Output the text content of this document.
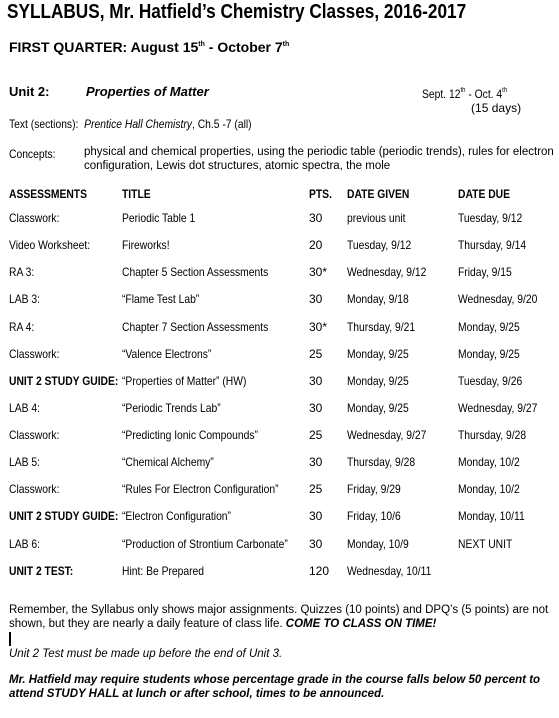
SYLLABUS, Mr. Hatfield’s Chemistry Classes, 2016-2017
FIRST QUARTER: August 15th - October 7th
Unit 2:	Properties of Matter	Sept. 12th - Oct. 4th
(15 days)
Text (sections): Prentice Hall Chemistry, Ch.5 -7 (all)
Concepts:	physical and chemical properties, using the periodic table (periodic trends), rules for electron configuration, Lewis dot structures, atomic spectra, the mole
ASSESSMENTS	TITLE	PTS.	DATE GIVEN	DATE DUE
Classwork:	Periodic Table 1	30 previous unit	Tuesday, 9/12
Video Worksheet:	Fireworks!	20 Tuesday, 9/12	Thursday, 9/14
RA 3:	Chapter 5 Section Assessments	30* Wednesday, 9/12	Friday, 9/15
LAB 3:	“Flame Test Lab”	30 Monday, 9/18	Wednesday, 9/20
RA 4:	Chapter 7 Section Assessments	30* Thursday, 9/21	Monday, 9/25
Classwork:	“Valence Electrons”	25 Monday, 9/25	Monday, 9/25
UNIT 2 STUDY GUIDE: “Properties of Matter” (HW)	30 Monday, 9/25	Tuesday, 9/26
LAB 4:	“Periodic Trends Lab”	30 Monday, 9/25	Wednesday, 9/27
Classwork:	“Predicting Ionic Compounds”	25 Wednesday, 9/27	Thursday, 9/28
LAB 5:	“Chemical Alchemy”	30 Thursday, 9/28	Monday, 10/2
Classwork:	“Rules For Electron Configuration”	25 Friday, 9/29	Monday, 10/2
UNIT 2 STUDY GUIDE: “Electron Configuration”	30 Friday, 10/6	Monday, 10/11
LAB 6:	“Production of Strontium Carbonate” 30 Monday, 10/9	NEXT UNIT
UNIT 2 TEST:	Hint: Be Prepared	120 Wednesday, 10/11
Remember, the Syllabus only shows major assignments. Quizzes (10 points) and DPQ’s (5 points) are not shown, but they are nearly a daily feature of class life. COME TO CLASS ON TIME!
Unit 2 Test must be made up before the end of Unit 3.
Mr. Hatfield may require students whose percentage grade in the course falls below 50 percent to attend STUDY HALL at lunch or after school, times to be announced.
